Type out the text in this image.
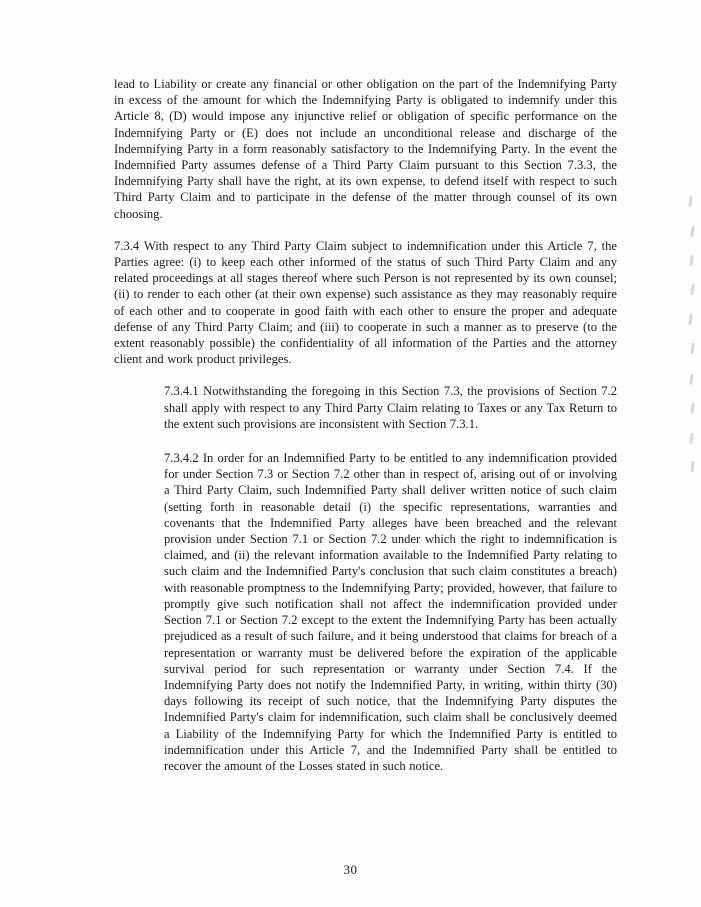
lead to Liability or create any financial or other obligation on the part of the Indemnifying Party in excess of the amount for which the Indemnifying Party is obligated to indemnify under this Article 8, (D) would impose any injunctive relief or obligation of specific performance on the Indemnifying Party or (E) does not include an unconditional release and discharge of the Indemnifying Party in a form reasonably satisfactory to the Indemnifying Party. In the event the Indemnified Party assumes defense of a Third Party Claim pursuant to this Section 7.3.3, the Indemnifying Party shall have the right, at its own expense, to defend itself with respect to such Third Party Claim and to participate in the defense of the matter through counsel of its own choosing.

7.3.4 With respect to any Third Party Claim subject to indemnification under this Article 7, the Parties agree: (i) to keep each other informed of the status of such Third Party Claim and any related proceedings at all stages thereof where such Person is not represented by its own counsel; (ii) to render to each other (at their own expense) such assistance as they may reasonably require of each other and to cooperate in good faith with each other to ensure the proper and adequate defense of any Third Party Claim; and (iii) to cooperate in such a manner as to preserve (to the extent reasonably possible) the confidentiality of all information of the Parties and the attorney client and work product privileges.

7.3.4.1 Notwithstanding the foregoing in this Section 7.3, the provisions of Section 7.2 shall apply with respect to any Third Party Claim relating to Taxes or any Tax Return to the extent such provisions are inconsistent with Section 7.3.1.

7.3.4.2 In order for an Indemnified Party to be entitled to any indemnification provided for under Section 7.3 or Section 7.2 other than in respect of, arising out of or involving a Third Party Claim, such Indemnified Party shall deliver written notice of such claim (setting forth in reasonable detail (i) the specific representations, warranties and covenants that the Indemnified Party alleges have been breached and the relevant provision under Section 7.1 or Section 7.2 under which the right to indemnification is claimed, and (ii) the relevant information available to the Indemnified Party relating to such claim and the Indemnified Party's conclusion that such claim constitutes a breach) with reasonable promptness to the Indemnifying Party; provided, however, that failure to promptly give such notification shall not affect the indemnification provided under Section 7.1 or Section 7.2 except to the extent the Indemnifying Party has been actually prejudiced as a result of such failure, and it being understood that claims for breach of a representation or warranty must be delivered before the expiration of the applicable survival period for such representation or warranty under Section 7.4. If the Indemnifying Party does not notify the Indemnified Party, in writing, within thirty (30) days following its receipt of such notice, that the Indemnifying Party disputes the Indemnified Party's claim for indemnification, such claim shall be conclusively deemed a Liability of the Indemnifying Party for which the Indemnified Party is entitled to indemnification under this Article 7, and the Indemnified Party shall be entitled to recover the amount of the Losses stated in such notice.

30
